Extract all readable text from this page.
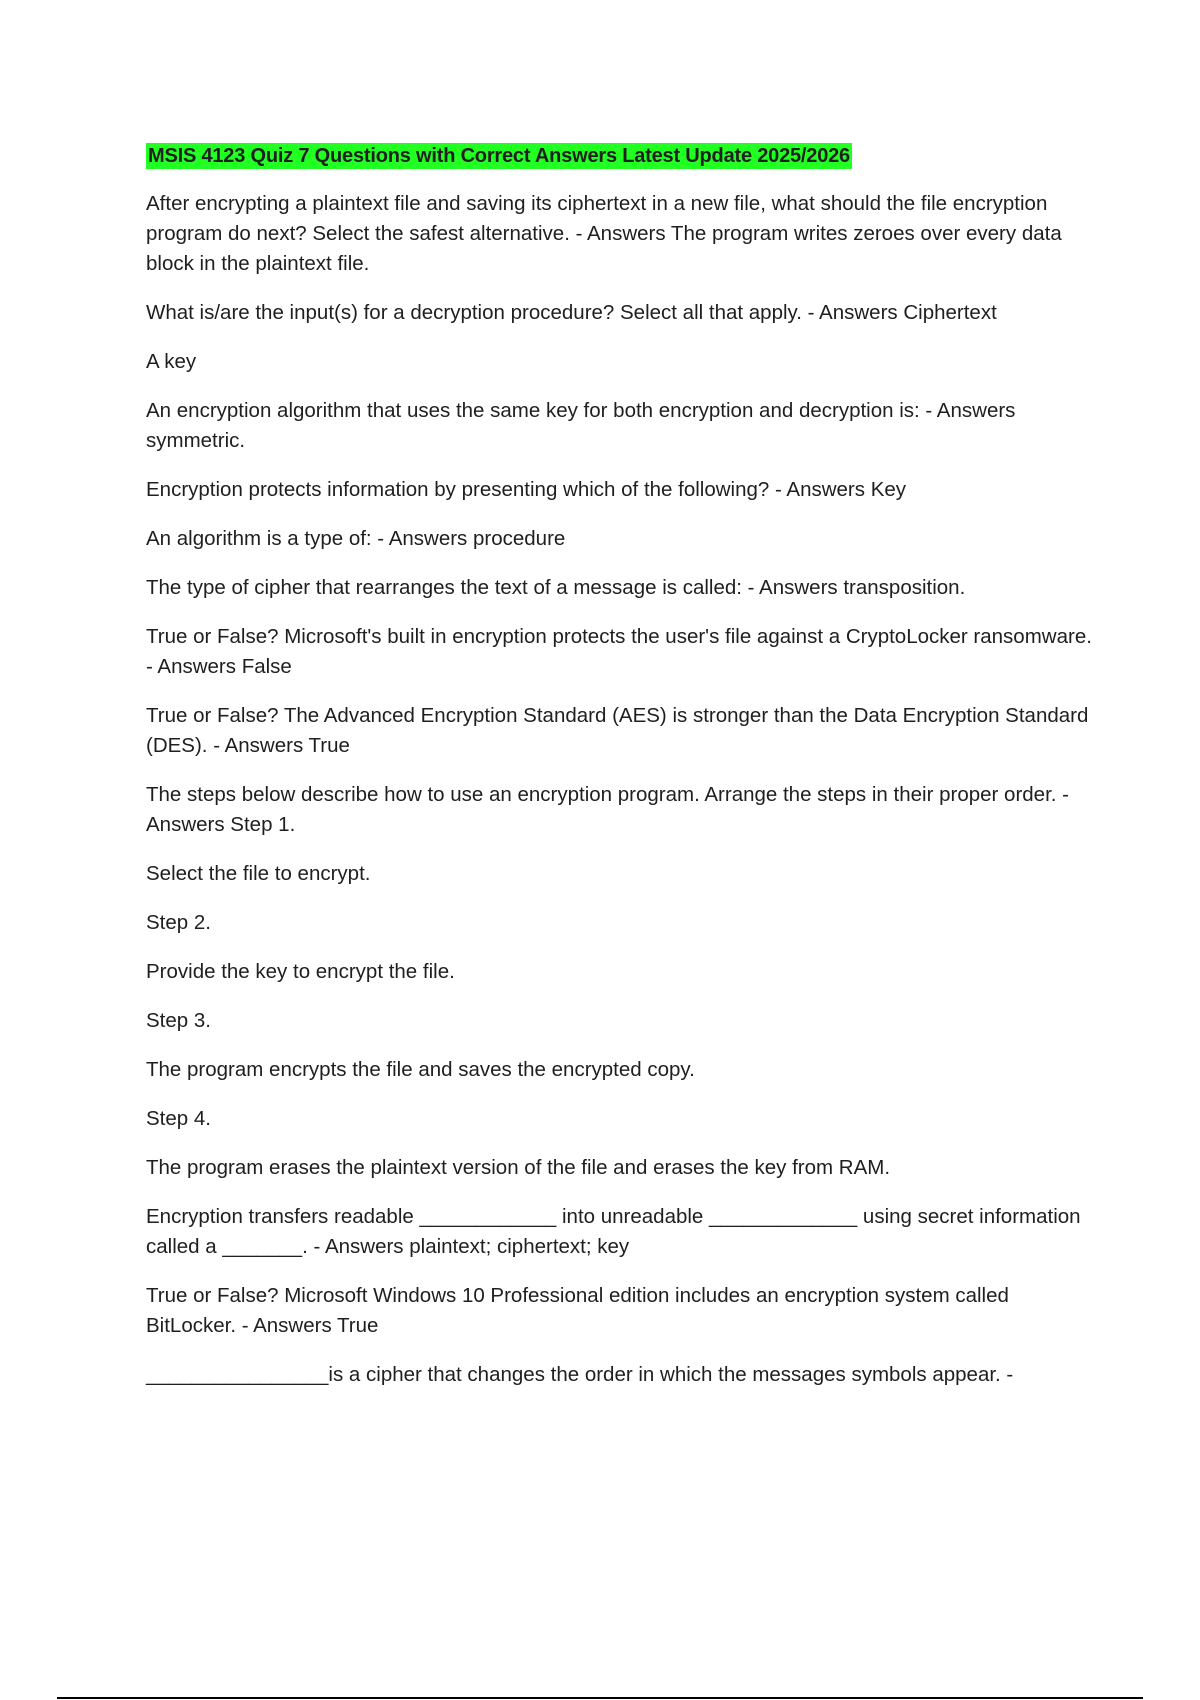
MSIS 4123 Quiz 7 Questions with Correct Answers Latest Update 2025/2026
After encrypting a plaintext file and saving its ciphertext in a new file, what should the file encryption program do next? Select the safest alternative. - Answers The program writes zeroes over every data block in the plaintext file.
What is/are the input(s) for a decryption procedure? Select all that apply. - Answers Ciphertext
A key
An encryption algorithm that uses the same key for both encryption and decryption is: - Answers symmetric.
Encryption protects information by presenting which of the following? - Answers Key
An algorithm is a type of: - Answers procedure
The type of cipher that rearranges the text of a message is called: - Answers transposition.
True or False? Microsoft's built in encryption protects the user's file against a CryptoLocker ransomware. - Answers False
True or False? The Advanced Encryption Standard (AES) is stronger than the Data Encryption Standard (DES). - Answers True
The steps below describe how to use an encryption program. Arrange the steps in their proper order. - Answers Step 1.
Select the file to encrypt.
Step 2.
Provide the key to encrypt the file.
Step 3.
The program encrypts the file and saves the encrypted copy.
Step 4.
The program erases the plaintext version of the file and erases the key from RAM.
Encryption transfers readable ____________ into unreadable _____________ using secret information called a _______. - Answers plaintext; ciphertext; key
True or False? Microsoft Windows 10 Professional edition includes an encryption system called BitLocker. - Answers True
________________is a cipher that changes the order in which the messages symbols appear. -
